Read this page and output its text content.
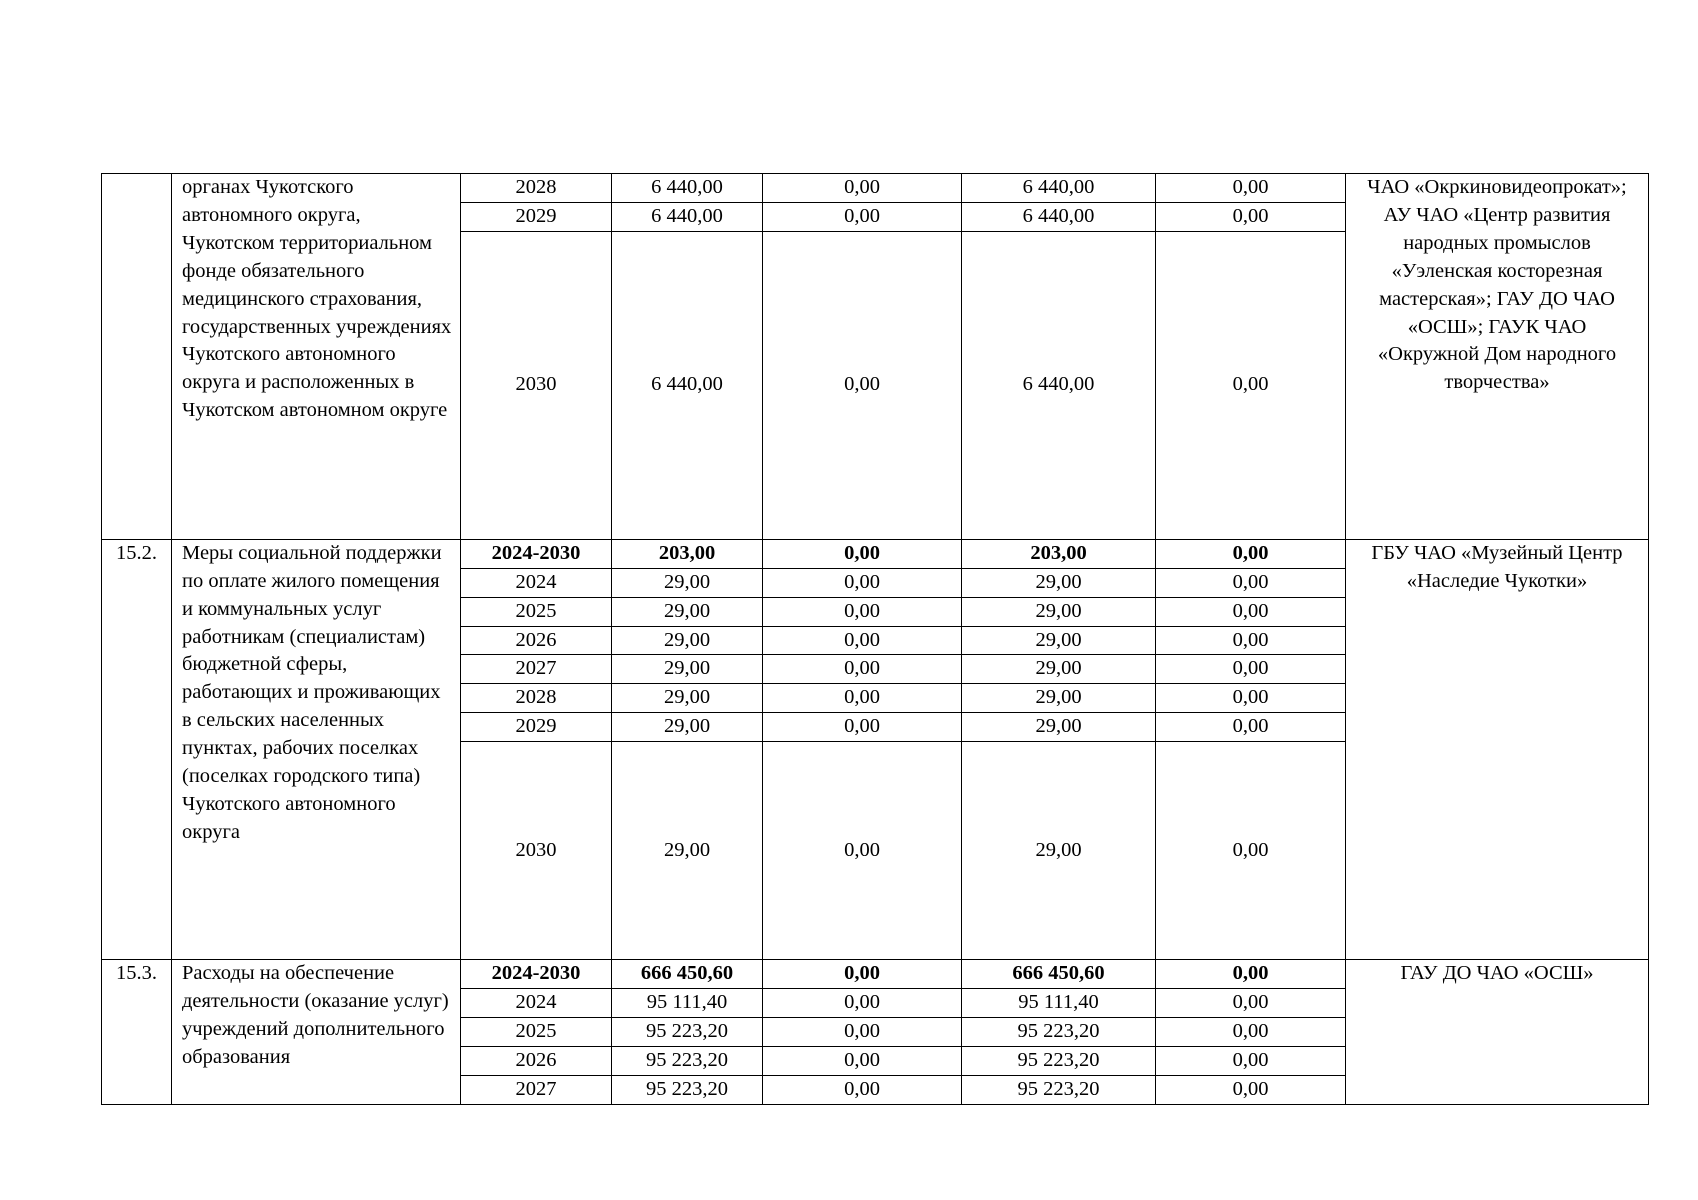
	органах Чукотского автономного округа, Чукотском территориальном фонде обязательного медицинского страхования, государственных учреждениях Чукотского автономного округа и расположенных в Чукотском автономном округе	2028	6 440,00	0,00	6 440,00	0,00	ЧАО «Окркиновидеопрокат»; АУ ЧАО «Центр развития народных промыслов «Уэленская косторезная мастерская»; ГАУ ДО ЧАО «ОСШ»; ГАУК ЧАО «Окружной Дом народного творчества»
		2029	6 440,00	0,00	6 440,00	0,00	
		2030	6 440,00	0,00	6 440,00	0,00	
15.2.	Меры социальной поддержки по оплате жилого помещения и коммунальных услуг работникам (специалистам) бюджетной сферы, работающих и проживающих в сельских населенных пунктах, рабочих поселках (поселках городского типа) Чукотского автономного округа	2024-2030	203,00	0,00	203,00	0,00	ГБУ ЧАО «Музейный Центр «Наследие Чукотки»
		2024	29,00	0,00	29,00	0,00	
		2025	29,00	0,00	29,00	0,00	
		2026	29,00	0,00	29,00	0,00	
		2027	29,00	0,00	29,00	0,00	
		2028	29,00	0,00	29,00	0,00	
		2029	29,00	0,00	29,00	0,00	
		2030	29,00	0,00	29,00	0,00	
15.3.	Расходы на обеспечение деятельности (оказание услуг) учреждений дополнительного образования	2024-2030	666 450,60	0,00	666 450,60	0,00	ГАУ ДО ЧАО «ОСШ»
		2024	95 111,40	0,00	95 111,40	0,00	
		2025	95 223,20	0,00	95 223,20	0,00	
		2026	95 223,20	0,00	95 223,20	0,00	
		2027	95 223,20	0,00	95 223,20	0,00	
